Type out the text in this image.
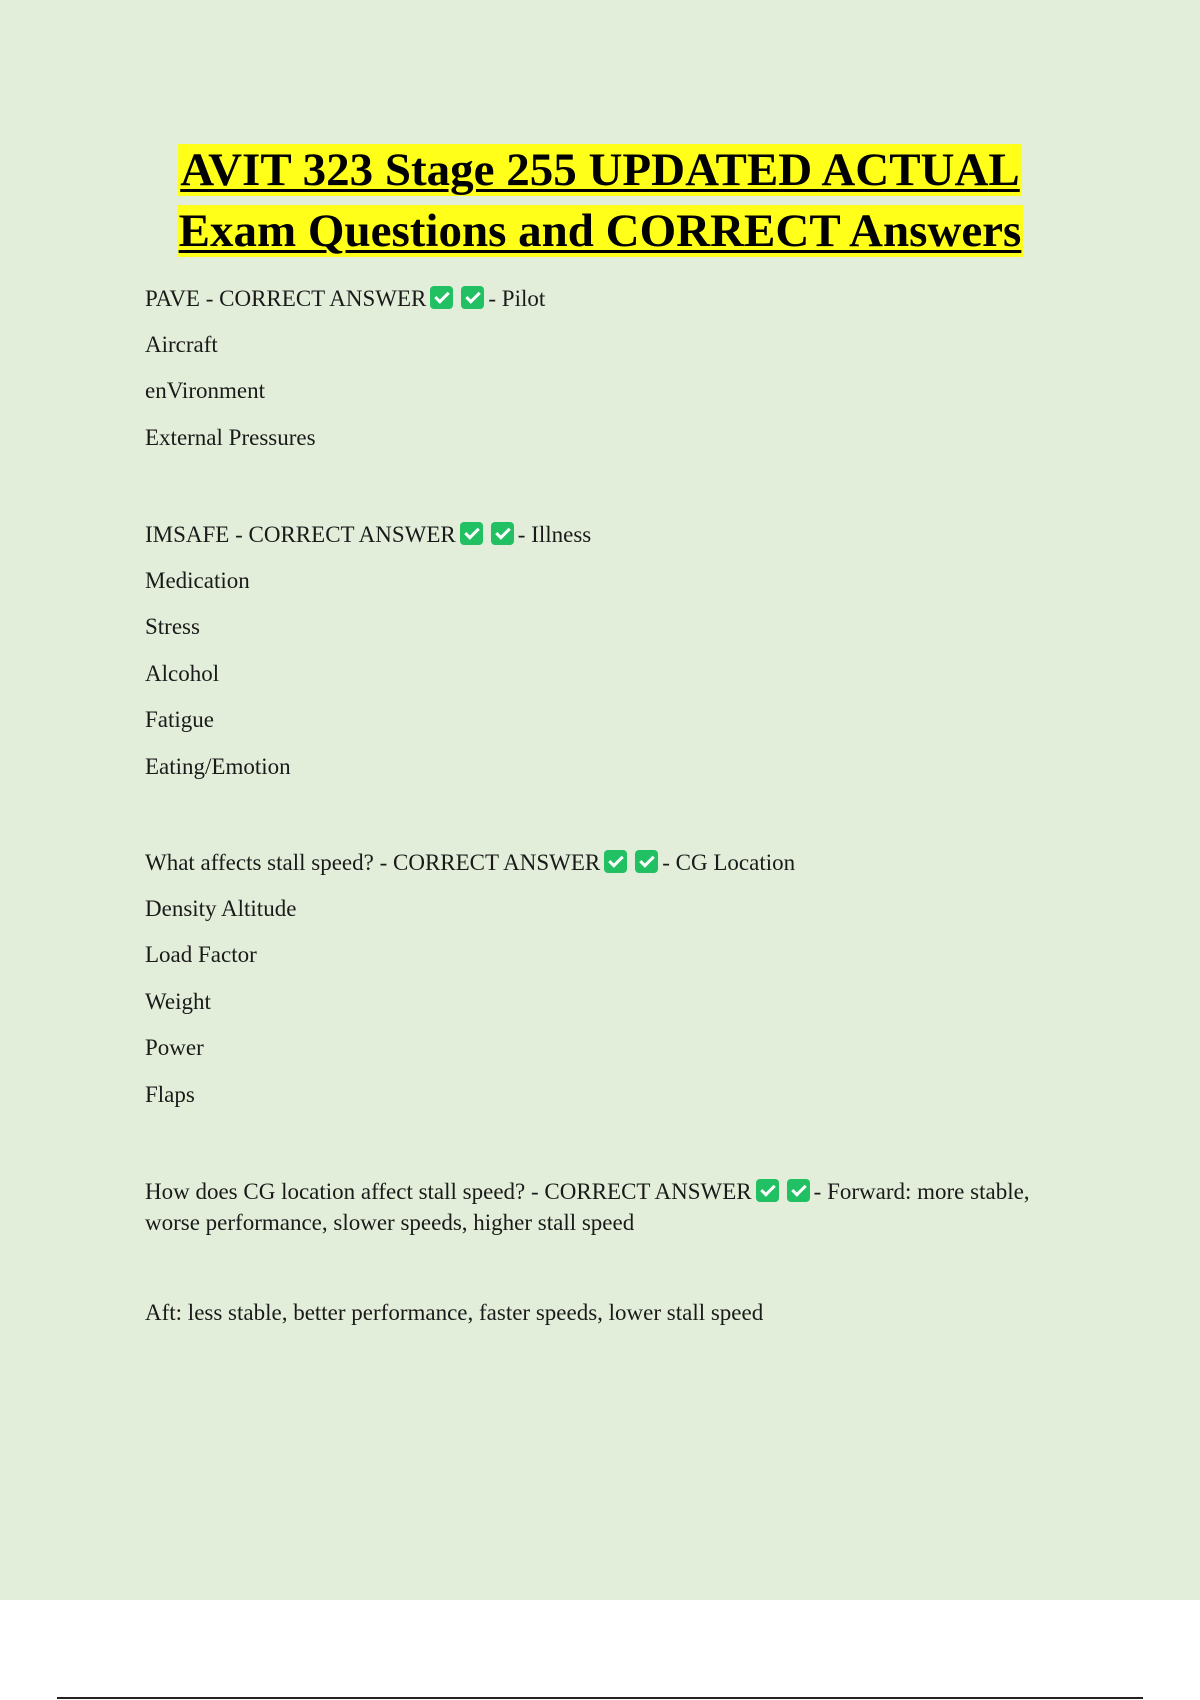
AVIT 323 Stage 255 UPDATED ACTUAL
Exam Questions and CORRECT Answers
PAVE - CORRECT ANSWER	- Pilot
Aircraft
enVironment
External Pressures
IMSAFE - CORRECT ANSWER	- Illness
Medication
Stress
Alcohol
Fatigue
Eating/Emotion
What affects stall speed? - CORRECT ANSWER	- CG Location
Density Altitude
Load Factor
Weight
Power
Flaps
How does CG location affect stall speed? - CORRECT ANSWER	- Forward: more stable, worse performance, slower speeds, higher stall speed
Aft: less stable, better performance, faster speeds, lower stall speed
